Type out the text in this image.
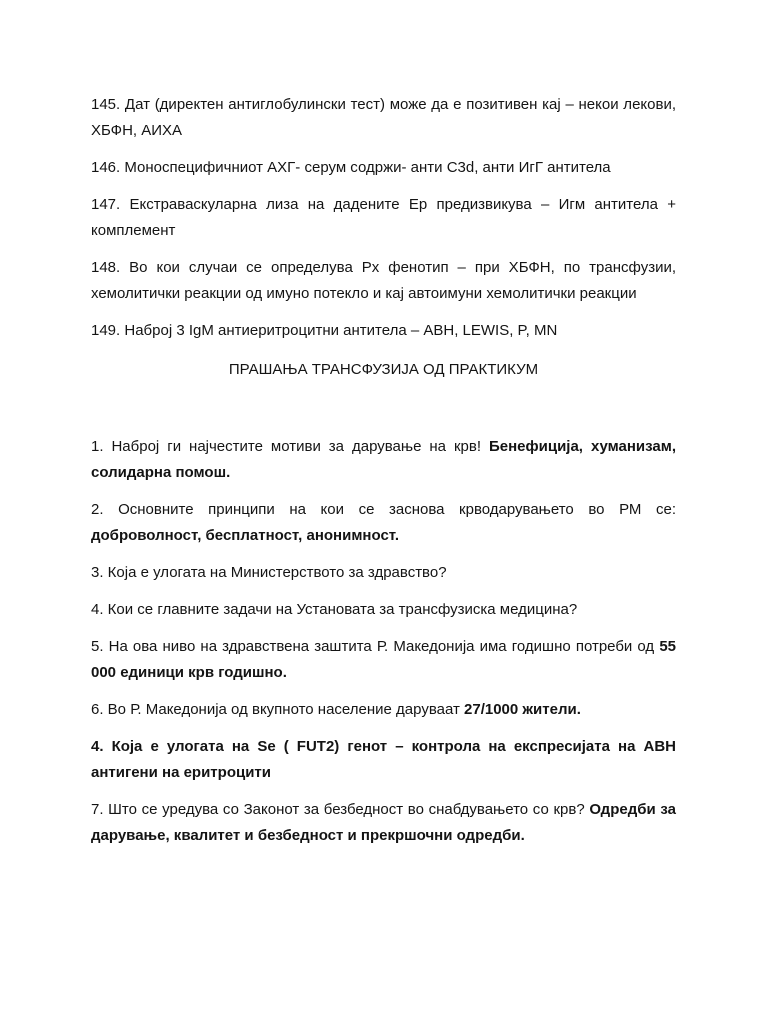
145. Дат (директен антиглобулински тест) може да е позитивен кај – некои лекови, ХБФН, АИХА

146. Моноспецифичниот АХГ- серум содржи- анти C3d, анти ИгГ антитела

147. Екстраваскуларна лиза на дадените Ер предизвикува – Игм антитела + комплемент

148. Во кои случаи се определува Рх фенотип – при ХБФН, по трансфузии, хемолитички реакции од имуно потекло и кај автоимуни хемолитички реакции

149. Наброј 3 IgM антиеритроцитни антитела – ABH, LEWIS, P, MN

ПРАШАЊА ТРАНСФУЗИЈА ОД ПРАКТИКУМ

1. Наброј ги најчестите мотиви за дарување на крв! Бенефиција, хуманизам, солидарна помош.

2. Основните принципи на кои се заснова крводарувањето во РМ се: доброволност, бесплатност, анонимност.

3. Која е улогата на Министерството за здравство?

4. Кои се главните задачи на Установата за трансфузиска медицина?

5. На ова ниво на здравствена заштита Р. Македонија има годишно потреби од 55 000 единици крв годишно.

6. Во Р. Македонија од вкупното население даруваат 27/1000 жители.

4. Која е улогата на Se ( FUT2) генот – контрола на експресијата на ABH антигени на еритроцити

7. Што се уредува со Законот за безбедност во снабдувањето со крв? Одредби за дарување, квалитет и безбедност и прекршочни одредби.
